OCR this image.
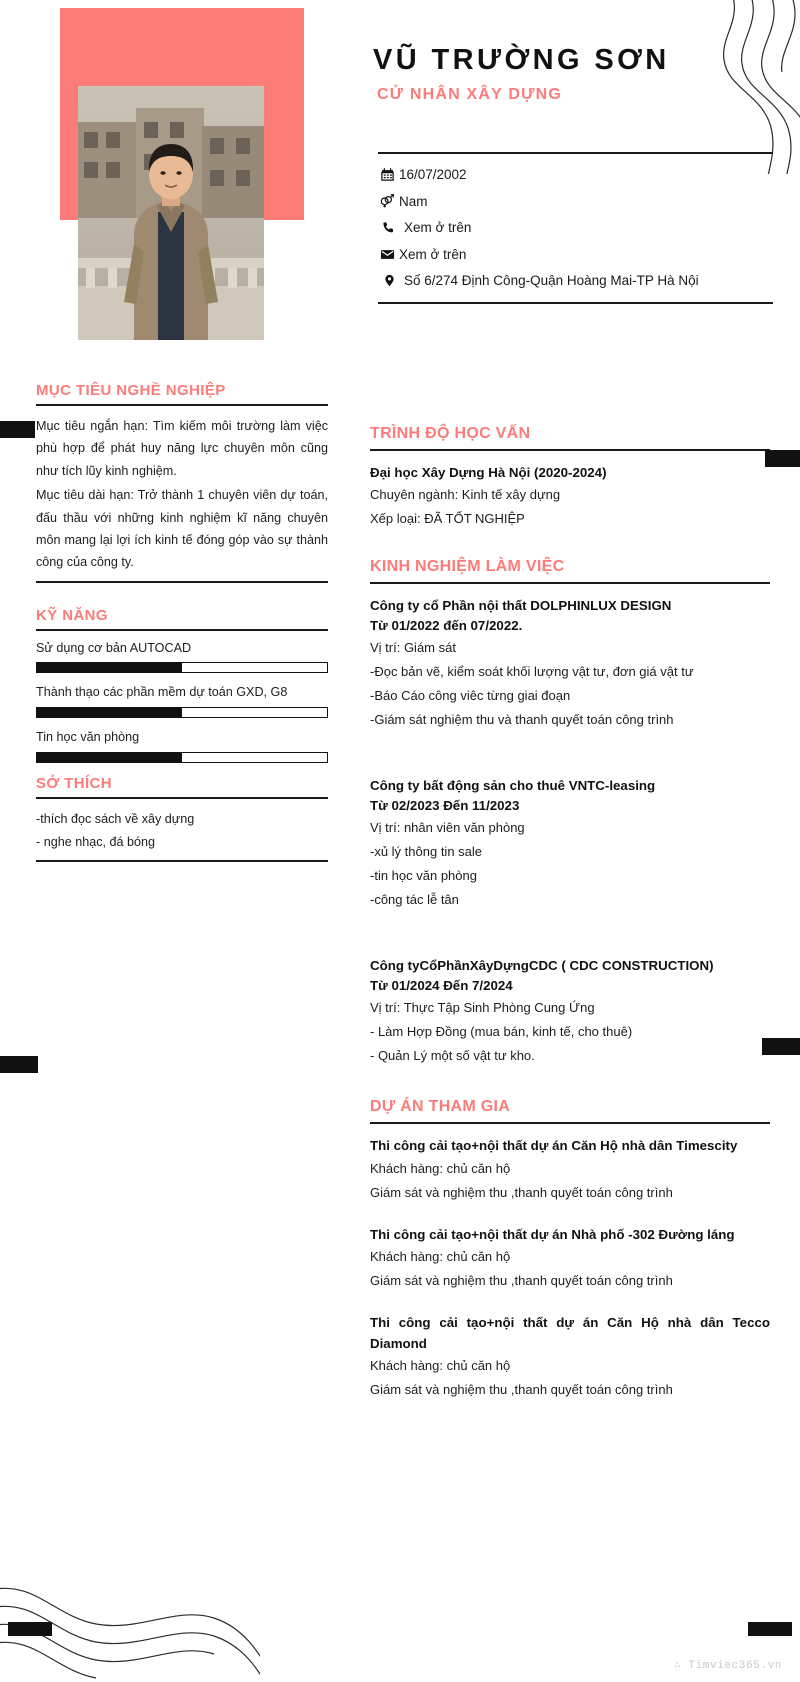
VŨ TRƯỜNG SƠN
CỬ NHÂN XÂY DỰNG
16/07/2002
Nam
Xem ở trên
Xem ở trên
Số 6/274 Định Công-Quận Hoàng Mai-TP Hà Nội
MỤC TIÊU NGHỀ NGHIỆP
Mục tiêu ngắn hạn: Tìm kiếm môi trường làm việc phù hợp để phát huy năng lực chuyên môn cũng như tích lũy kinh nghiệm.
Mục tiêu dài hạn: Trở thành 1 chuyên viên dự toán, đấu thầu với những kinh nghiệm kĩ năng chuyên môn mang lại lợi ích kinh tế đóng góp vào sự thành công của công ty.
KỸ NĂNG
Sử dụng cơ bản AUTOCAD
Thành thạo các phần mềm dự toán GXD, G8
Tin học văn phòng
SỞ THÍCH
-thích đọc sách về xây dựng
- nghe nhạc, đá bóng
TRÌNH ĐỘ HỌC VẤN
Đại học Xây Dựng Hà Nội (2020-2024)
Chuyên ngành: Kinh tế xây dựng
Xếp loại: ĐÃ TỐT NGHIỆP
KINH NGHIỆM LÀM VIỆC
Công ty cổ Phần nội thất DOLPHINLUX DESIGN
Từ 01/2022 đến 07/2022.
Vị trí: Giám sát
-Đọc bản vẽ, kiểm soát khối lượng vật tư, đơn giá vật tư
-Báo Cáo công viêc từng giai đoạn
-Giám sát nghiệm thu và thanh quyết toán công trình
Công ty bất động sản cho thuê VNTC-leasing
Từ 02/2023 Đến 11/2023
Vị trí: nhân viên văn phòng
-xủ lý thông tin sale
-tin học văn phòng
-công tác lễ tân
Công tyCổPhầnXâyDựngCDC ( CDC CONSTRUCTION)
Từ 01/2024 Đến 7/2024
Vị trí: Thực Tập Sinh Phòng Cung Ứng
- Làm Hợp Đồng (mua bán, kinh tế, cho thuê)
- Quản Lý một số vật tư kho.
DỰ ÁN THAM GIA
Thi công cải tạo+nội thất dự án Căn Hộ nhà dân Timescity
Khách hàng: chủ căn hộ
Giám sát và nghiệm thu ,thanh quyết toán công trình
Thi công cải tạo+nội thất dự án Nhà phố -302 Đường láng
Khách hàng: chủ căn hộ
Giám sát và nghiệm thu ,thanh quyết toán công trình
Thi công cải tạo+nội thất dự án Căn Hộ nhà dân Tecco Diamond
Khách hàng: chủ căn hộ
Giám sát và nghiệm thu ,thanh quyết toán công trình
∴ Timviec365.vn
